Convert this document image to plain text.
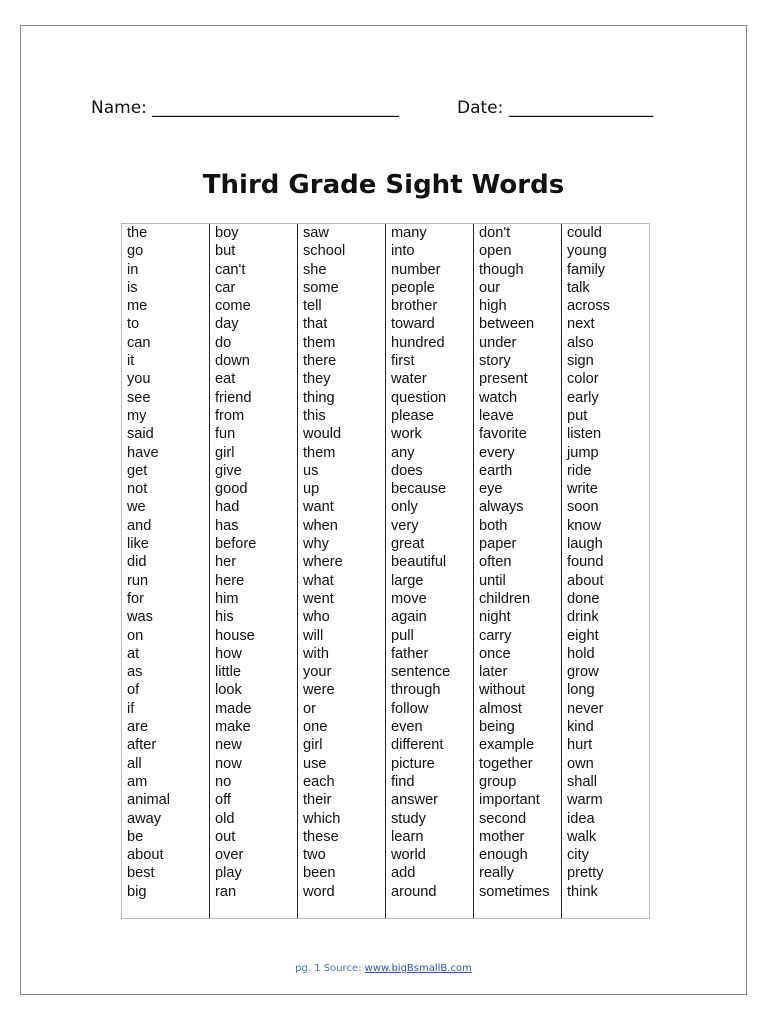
Name: _____________________________	Date: _________________
Third Grade Sight Words
the
go
in
is
me
to
can
it
you
see
my
said
have
get
not
we
and
like
did
run
for
was
on
at
as
of
if
are
after
all
am
animal
away
be
about
best
big
boy
but
can't
car
come
day
do
down
eat
friend
from
fun
girl
give
good
had
has
before
her
here
him
his
house
how
little
look
made
make
new
now
no
off
old
out
over
play
ran
saw
school
she
some
tell
that
them
there
they
thing
this
would
them
us
up
want
when
why
where
what
went
who
will
with
your
were
or
one
girl
use
each
their
which
these
two
been
word
many
into
number
people
brother
toward
hundred
first
water
question
please
work
any
does
because
only
very
great
beautiful
large
move
again
pull
father
sentence
through
follow
even
different
picture
find
answer
study
learn
world
add
around
don't
open
though
our
high
between
under
story
present
watch
leave
favorite
every
earth
eye
always
both
paper
often
until
children
night
carry
once
later
without
almost
being
example
together
group
important
second
mother
enough
really
sometimes
could
young
family
talk
across
next
also
sign
color
early
put
listen
jump
ride
write
soon
know
laugh
found
about
done
drink
eight
hold
grow
long
never
kind
hurt
own
shall
warm
idea
walk
city
pretty
think
pg. 1 Source: www.bigBsmallB.com
